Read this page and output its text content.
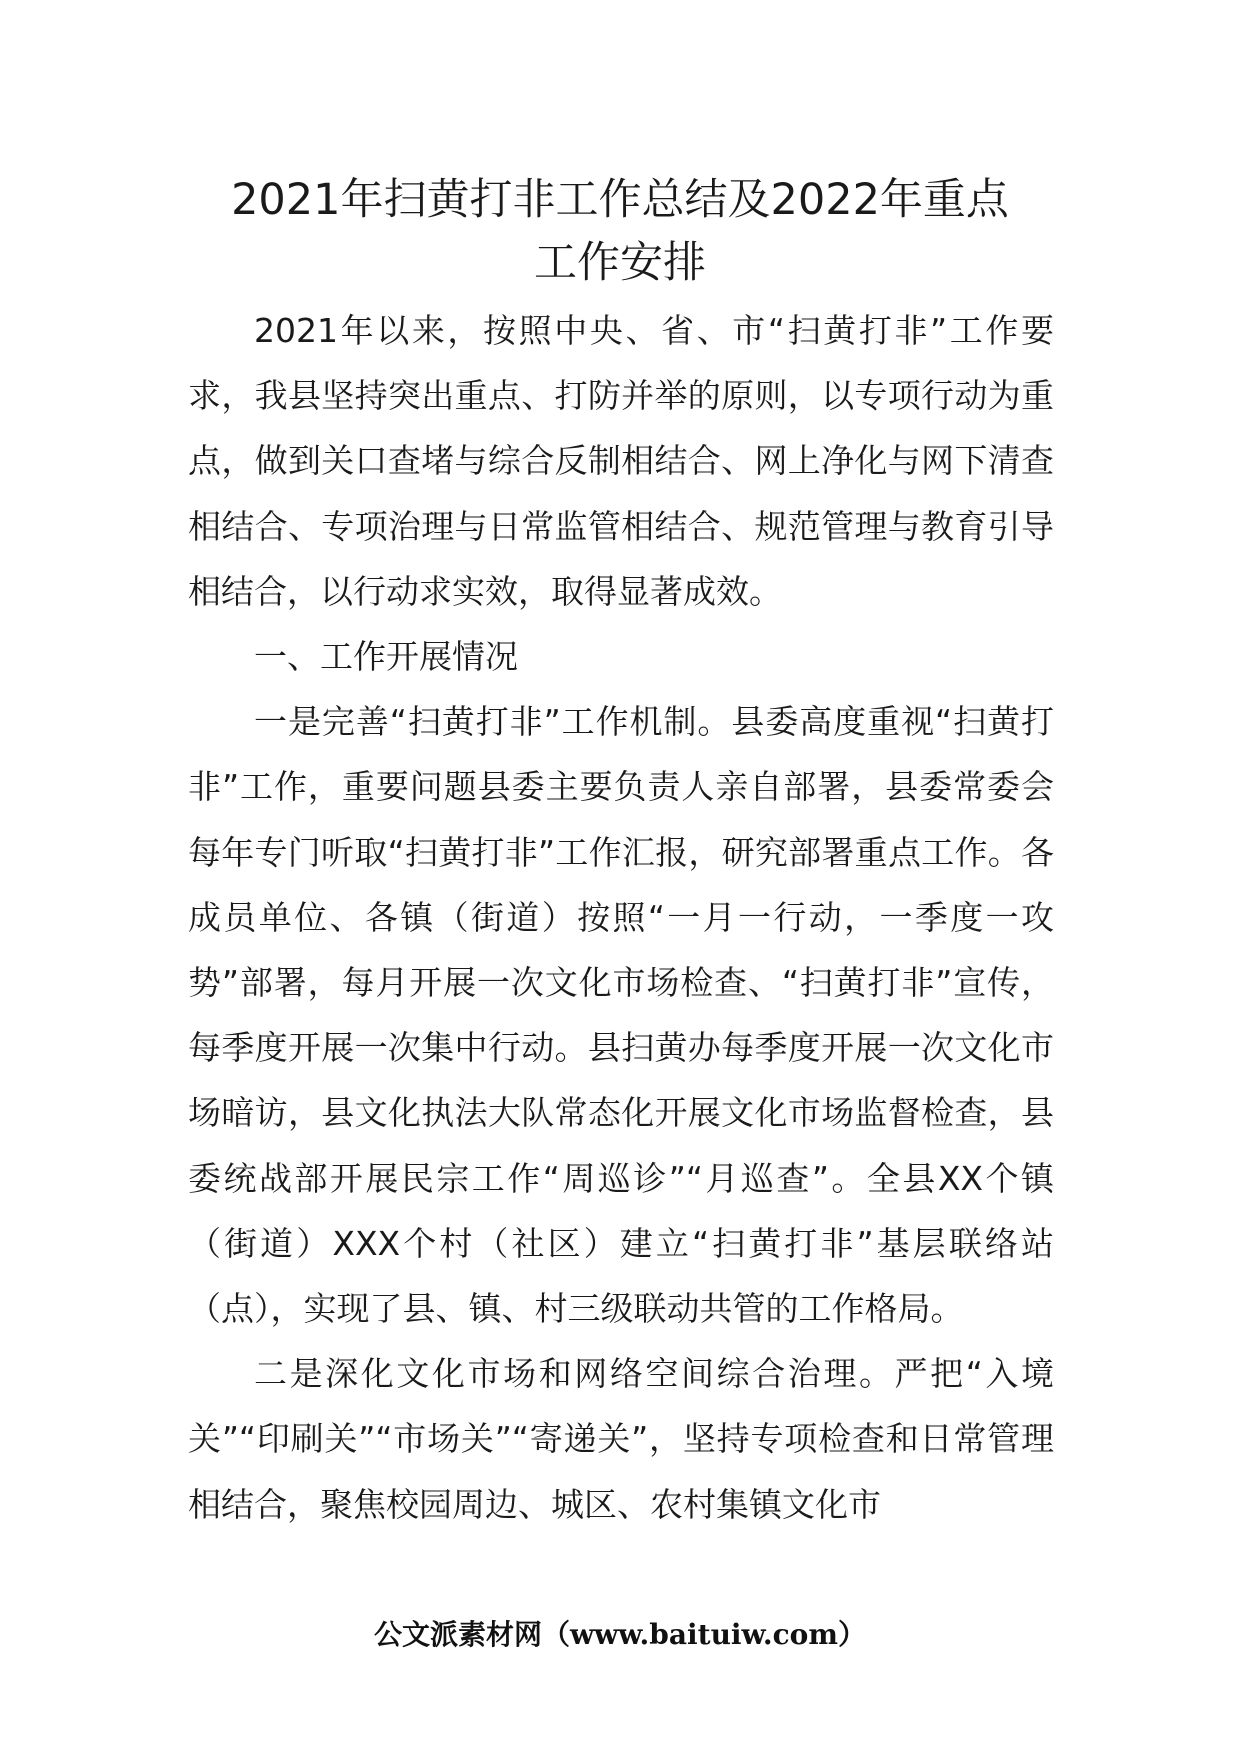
2021年扫黄打非工作总结及2022年重点
工作安排

2021年以来，按照中央、省、市“扫黄打非”工作要求，我县坚持突出重点、打防并举的原则，以专项行动为重点，做到关口查堵与综合反制相结合、网上净化与网下清查相结合、专项治理与日常监管相结合、规范管理与教育引导相结合，以行动求实效，取得显著成效。

一、工作开展情况

一是完善“扫黄打非”工作机制。县委高度重视“扫黄打非”工作，重要问题县委主要负责人亲自部署，县委常委会每年专门听取“扫黄打非”工作汇报，研究部署重点工作。各成员单位、各镇（街道）按照“一月一行动，一季度一攻势”部署，每月开展一次文化市场检查、“扫黄打非”宣传，每季度开展一次集中行动。县扫黄办每季度开展一次文化市场暗访，县文化执法大队常态化开展文化市场监督检查，县委统战部开展民宗工作“周巡诊”“月巡查”。全县XX个镇（街道）XXX个村（社区）建立“扫黄打非”基层联络站（点），实现了县、镇、村三级联动共管的工作格局。

二是深化文化市场和网络空间综合治理。严把“入境关”“印刷关”“市场关”“寄递关”，坚持专项检查和日常管理相结合，聚焦校园周边、城区、农村集镇文化市

公文派素材网（www.baituiw.com）
